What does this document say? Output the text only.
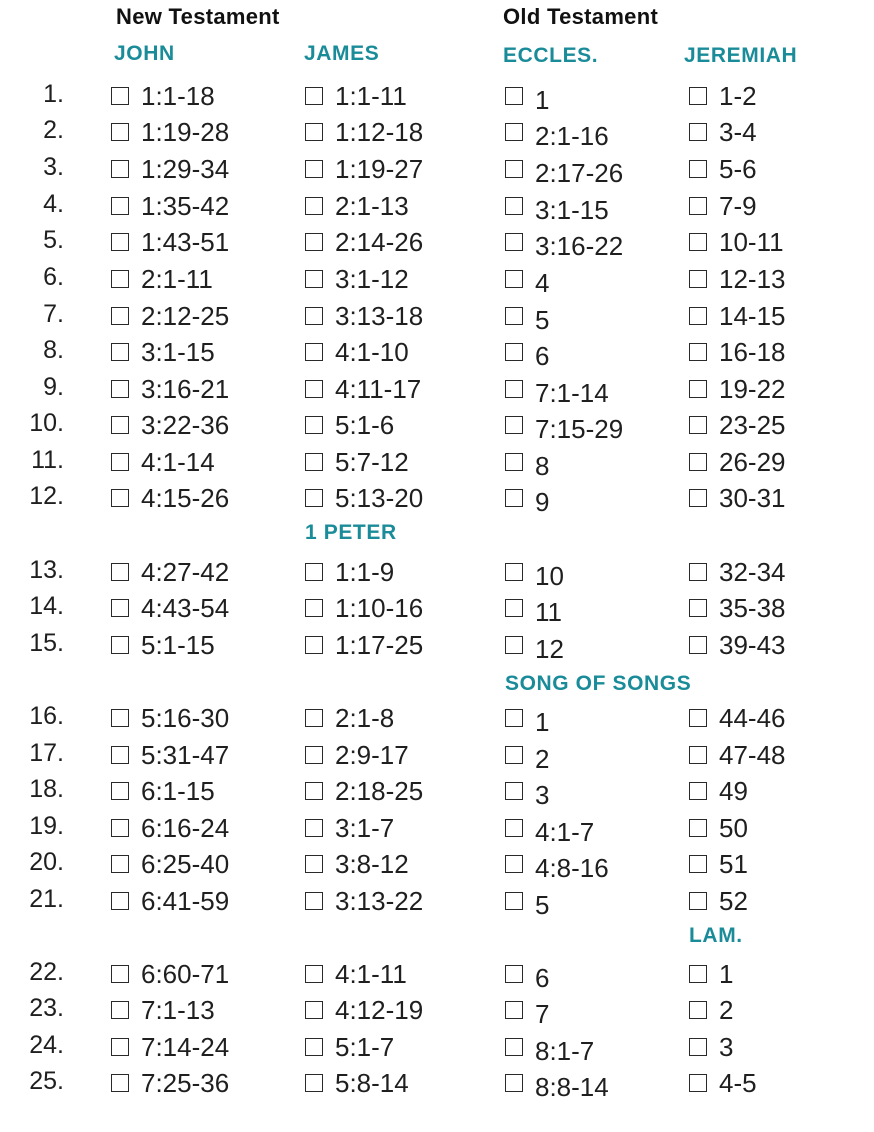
New Testament	Old Testament
JOHN	JAMES	ECCLES.	JEREMIAH
1 PETER
SONG OF SONGS
LAM.
1.	1:1-18	1:1-11	1	1-2
2.	1:19-28	1:12-18	2:1-16	3-4
3.	1:29-34	1:19-27	2:17-26	5-6
4.	1:35-42	2:1-13	3:1-15	7-9
5.	1:43-51	2:14-26	3:16-22	10-11
6.	2:1-11	3:1-12	4	12-13
7.	2:12-25	3:13-18	5	14-15
8.	3:1-15	4:1-10	6	16-18
9.	3:16-21	4:11-17	7:1-14	19-22
10.	3:22-36	5:1-6	7:15-29	23-25
11.	4:1-14	5:7-12	8	26-29
12.	4:15-26	5:13-20	9	30-31
13.	4:27-42	1:1-9	10	32-34
14.	4:43-54	1:10-16	11	35-38
15.	5:1-15	1:17-25	12	39-43
16.	5:16-30	2:1-8	1	44-46
17.	5:31-47	2:9-17	2	47-48
18.	6:1-15	2:18-25	3	49
19.	6:16-24	3:1-7	4:1-7	50
20.	6:25-40	3:8-12	4:8-16	51
21.	6:41-59	3:13-22	5	52
22.	6:60-71	4:1-11	6	1
23.	7:1-13	4:12-19	7	2
24.	7:14-24	5:1-7	8:1-7	3
25.	7:25-36	5:8-14	8:8-14	4-5
